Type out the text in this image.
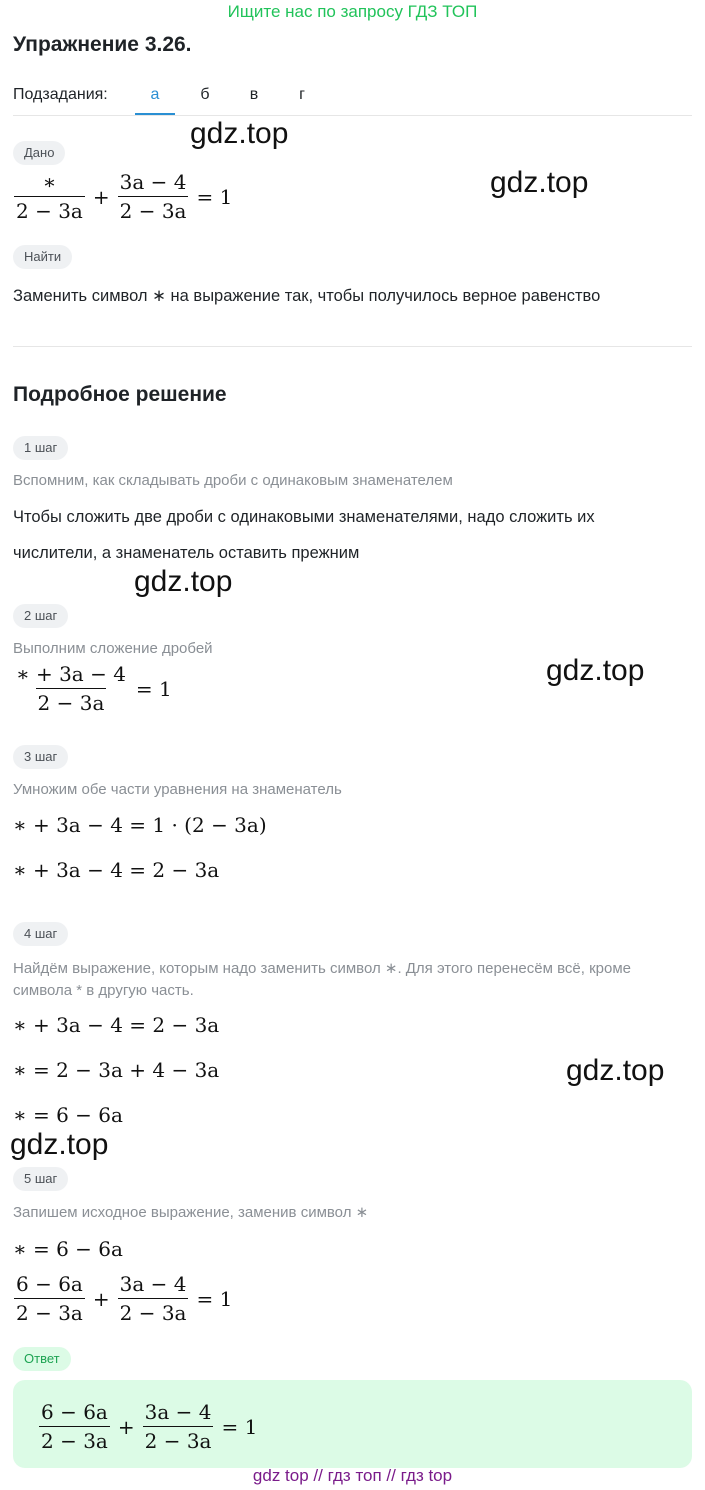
Ищите нас по запросу ГДЗ ТОП
Упражнение 3.26.
Подзадания:	а	б	в	г
gdz.top
gdz.top
gdz.top
gdz.top
gdz.top
gdz.top
Дано
$\frac{∗}{2 - 3a} + \frac{3a - 4}{2 - 3a} = 1$
Найти
Заменить символ ∗ на выражение так, чтобы получилось верное равенство
Подробное решение
1 шаг
Вспомним, как складывать дроби с одинаковым знаменателем
Чтобы сложить две дроби с одинаковыми знаменателями, надо сложить их
числители, а знаменатель оставить прежним
2 шаг
Выполним сложение дробей
$\frac{∗ + 3a - 4}{2 - 3a} = 1$
3 шаг
Умножим обе части уравнения на знаменатель
∗ + 3a − 4 = 1 · (2 − 3a)
∗ + 3a − 4 = 2 − 3a
4 шаг
Найдём выражение, которым надо заменить символ ∗. Для этого перенесём всё, кроме
символа * в другую часть.
∗ + 3a − 4 = 2 − 3a
∗ = 2 − 3a + 4 − 3a
∗ = 6 − 6a
5 шаг
Запишем исходное выражение, заменив символ ∗
∗ = 6 − 6a
$\frac{6 - 6a}{2 - 3a} + \frac{3a - 4}{2 - 3a} = 1$
Ответ
$\frac{6 - 6a}{2 - 3a} + \frac{3a - 4}{2 - 3a} = 1$
gdz top // гдз топ // гдз top
